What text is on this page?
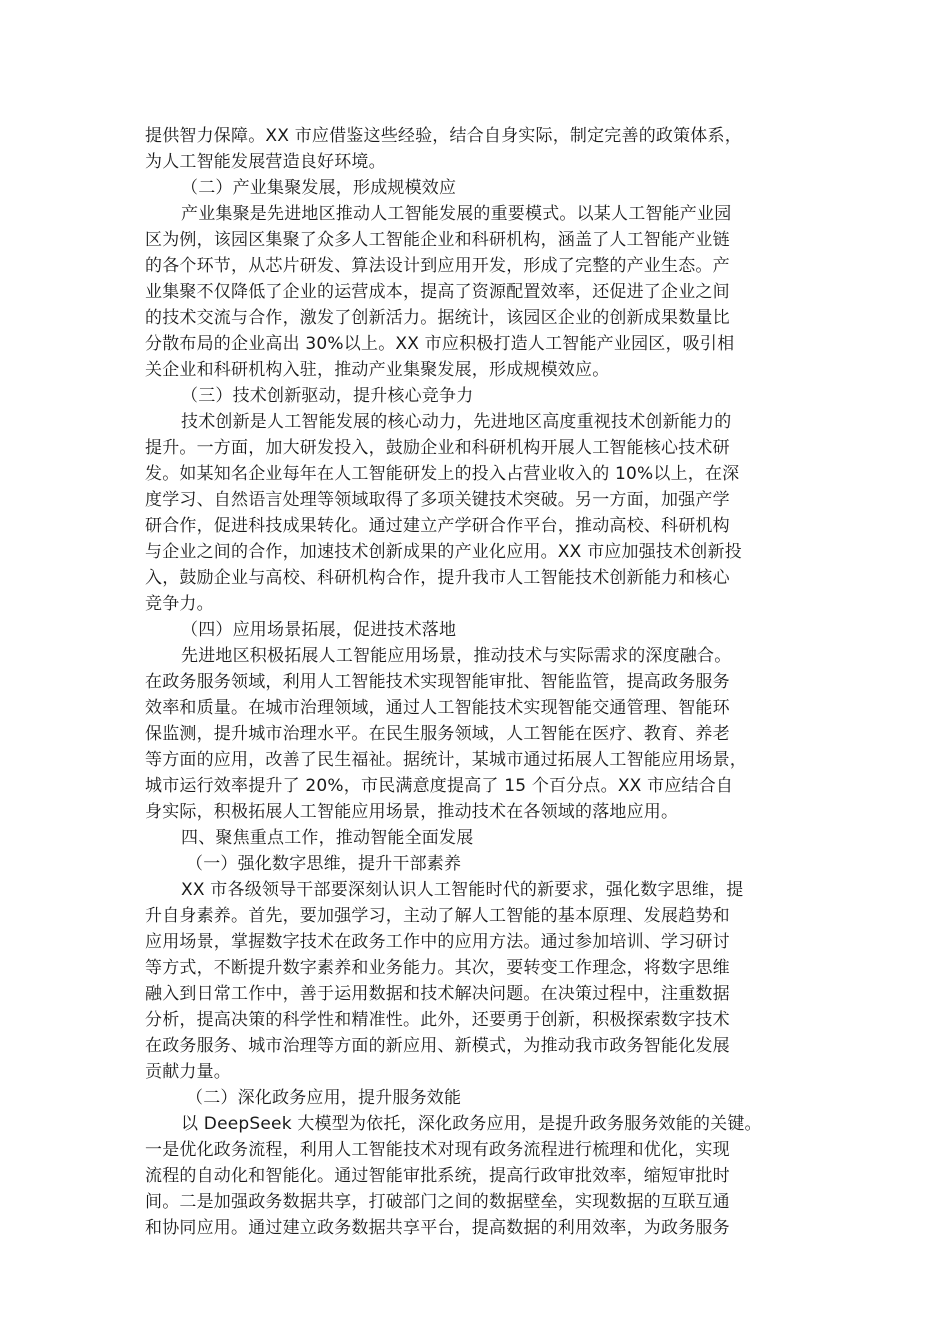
提供智力保障。XX 市应借鉴这些经验，结合自身实际，制定完善的政策体系，
为人工智能发展营造良好环境。
（二）产业集聚发展，形成规模效应
产业集聚是先进地区推动人工智能发展的重要模式。以某人工智能产业园
区为例，该园区集聚了众多人工智能企业和科研机构，涵盖了人工智能产业链
的各个环节，从芯片研发、算法设计到应用开发，形成了完整的产业生态。产
业集聚不仅降低了企业的运营成本，提高了资源配置效率，还促进了企业之间
的技术交流与合作，激发了创新活力。据统计，该园区企业的创新成果数量比
分散布局的企业高出 30%以上。XX 市应积极打造人工智能产业园区，吸引相
关企业和科研机构入驻，推动产业集聚发展，形成规模效应。
（三）技术创新驱动，提升核心竞争力
技术创新是人工智能发展的核心动力，先进地区高度重视技术创新能力的
提升。一方面，加大研发投入，鼓励企业和科研机构开展人工智能核心技术研
发。如某知名企业每年在人工智能研发上的投入占营业收入的 10%以上，在深
度学习、自然语言处理等领域取得了多项关键技术突破。另一方面，加强产学
研合作，促进科技成果转化。通过建立产学研合作平台，推动高校、科研机构
与企业之间的合作，加速技术创新成果的产业化应用。XX 市应加强技术创新投
入，鼓励企业与高校、科研机构合作，提升我市人工智能技术创新能力和核心
竞争力。
（四）应用场景拓展，促进技术落地
先进地区积极拓展人工智能应用场景，推动技术与实际需求的深度融合。
在政务服务领域，利用人工智能技术实现智能审批、智能监管，提高政务服务
效率和质量。在城市治理领域，通过人工智能技术实现智能交通管理、智能环
保监测，提升城市治理水平。在民生服务领域，人工智能在医疗、教育、养老
等方面的应用，改善了民生福祉。据统计，某城市通过拓展人工智能应用场景，
城市运行效率提升了 20%，市民满意度提高了 15 个百分点。XX 市应结合自
身实际，积极拓展人工智能应用场景，推动技术在各领域的落地应用。
四、聚焦重点工作，推动智能全面发展
（一）强化数字思维，提升干部素养
XX 市各级领导干部要深刻认识人工智能时代的新要求，强化数字思维，提
升自身素养。首先，要加强学习，主动了解人工智能的基本原理、发展趋势和
应用场景，掌握数字技术在政务工作中的应用方法。通过参加培训、学习研讨
等方式，不断提升数字素养和业务能力。其次，要转变工作理念，将数字思维
融入到日常工作中，善于运用数据和技术解决问题。在决策过程中，注重数据
分析，提高决策的科学性和精准性。此外，还要勇于创新，积极探索数字技术
在政务服务、城市治理等方面的新应用、新模式，为推动我市政务智能化发展
贡献力量。
（二）深化政务应用，提升服务效能
以 DeepSeek 大模型为依托，深化政务应用，是提升政务服务效能的关键。
一是优化政务流程，利用人工智能技术对现有政务流程进行梳理和优化，实现
流程的自动化和智能化。通过智能审批系统，提高行政审批效率，缩短审批时
间。二是加强政务数据共享，打破部门之间的数据壁垒，实现数据的互联互通
和协同应用。通过建立政务数据共享平台，提高数据的利用效率，为政务服务
